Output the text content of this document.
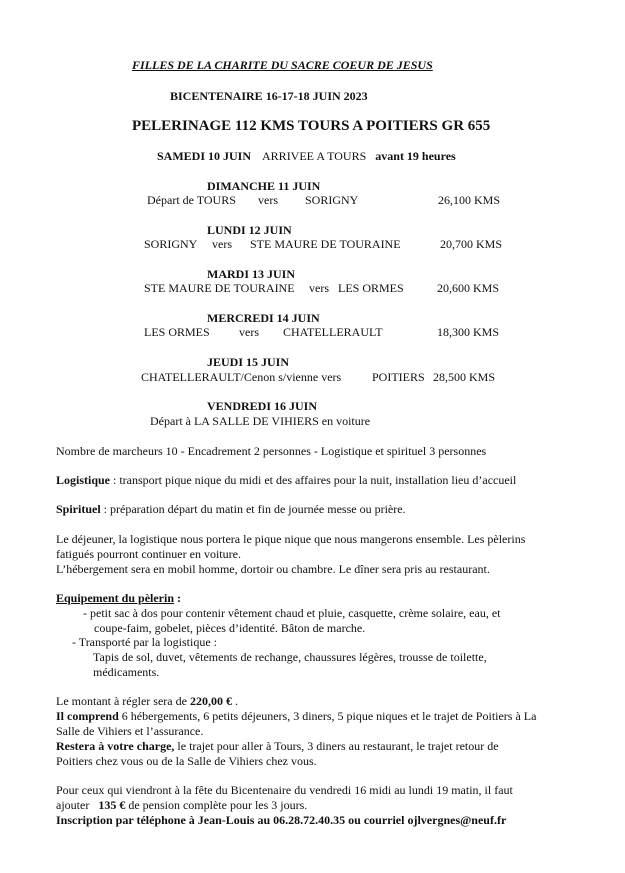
FILLES DE LA CHARITE DU SACRE COEUR DE JESUS
BICENTENAIRE 16-17-18 JUIN 2023
PELERINAGE 112 KMS TOURS A POITIERS GR 655
SAMEDI 10 JUIN ARRIVEE A TOURS avant 19 heures
DIMANCHE 11 JUIN
Départ de TOURS vers SORIGNY	26,100 KMS
LUNDI 12 JUIN
SORIGNY vers STE MAURE DE TOURAINE	20,700 KMS
MARDI 13 JUIN
STE MAURE DE TOURAINE vers LES ORMES	20,600 KMS
MERCREDI 14 JUIN
LES ORMES vers CHATELLERAULT	18,300 KMS
JEUDI 15 JUIN
CHATELLERAULT/Cenon s/vienne vers	POITIERS 28,500 KMS
VENDREDI 16 JUIN
Départ à LA SALLE DE VIHIERS en voiture
Nombre de marcheurs 10 - Encadrement 2 personnes - Logistique et spirituel 3 personnes
Logistique : transport pique nique du midi et des affaires pour la nuit, installation lieu d’accueil
Spirituel : préparation départ du matin et fin de journée messe ou prière.
Le déjeuner, la logistique nous portera le pique nique que nous mangerons ensemble. Les pèlerins
fatigués pourront continuer en voiture.
L’hébergement sera en mobil homme, dortoir ou chambre. Le dîner sera pris au restaurant.
Equipement du pèlerin :
- petit sac à dos pour contenir vêtement chaud et pluie, casquette, crème solaire, eau, et
coupe-faim, gobelet, pièces d’identité. Bâton de marche.
- Transporté par la logistique :
Tapis de sol, duvet, vêtements de rechange, chaussures légères, trousse de toilette,
médicaments.
Le montant à régler sera de 220,00 € .
Il comprend 6 hébergements, 6 petits déjeuners, 3 diners, 5 pique niques et le trajet de Poitiers à La
Salle de Vihiers et l’assurance.
Restera à votre charge, le trajet pour aller à Tours, 3 diners au restaurant, le trajet retour de
Poitiers chez vous ou de la Salle de Vihiers chez vous.
Pour ceux qui viendront à la fête du Bicentenaire du vendredi 16 midi au lundi 19 matin, il faut
ajouter   135 € de pension complète pour les 3 jours.
Inscription par téléphone à Jean-Louis au 06.28.72.40.35 ou courriel ojlvergnes@neuf.fr
